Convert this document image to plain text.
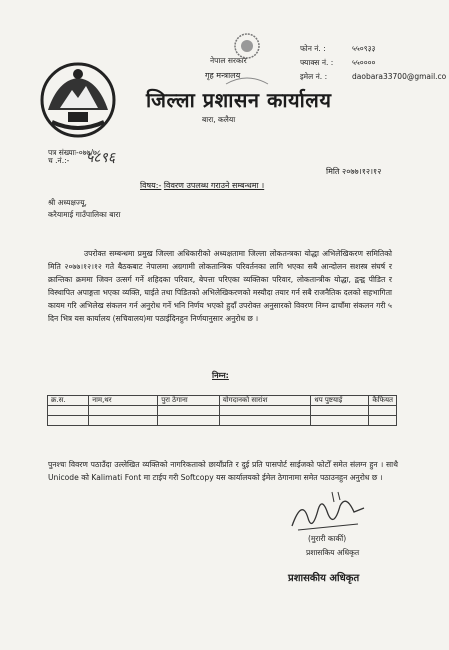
नेपाल सरकार
गृह मन्त्रालय
जिल्ला प्रशासन कार्यालय
बारा, कलैया
फोन नं. :	५५०९३३
फ्याक्स नं. :	५५००००
इमेल नं. :	daobara33700@gmail.co
पत्र संख्याः-०७७/७८
च .नं.:- ५८९६
मिति २०७७।१२।१२
विषय:- विवरण उपलब्ध गराउने सम्बन्धमा ।
श्री अध्यक्षज्यू,
करैयामाई गाउँपालिका बारा
उपरोक्त सम्बन्धमा प्रमुख जिल्ला अधिकारीको अध्यक्षतामा जिल्ला लोकतन्त्रका योद्धा अभिलेखिकरण समितिको मिति २०७७।१२।१२ गते बैठकबाट नेपालमा अग्रगामी लोकतान्त्रिक परिवर्तनका लागि भएका सबै आन्दोलन सशस्त्र संघर्ष र क्रान्तिका क्रममा जिवन उत्सर्ग गर्ने शहिदका परिवार, बेपत्ता परिएका व्यक्तिका परिवार, लोकतान्त्रीक योद्धा, द्वन्द्व पीडित र विस्थापित अपाङ्गता भएका व्यक्ति, घाईते तथा पिडितको अभिलेखिकरणको मस्यौदा तयार गर्न सबै राजनैतिक दलको सहभागिता कायम गरि अभिलेख संकलन गर्न अनुरोध गर्ने भनि निर्णय भएको हुदाँ उपरोक्त अनुसारको विवरण निम्न ढाचाँमा संकलन गरी ५ दिन भित्र यस कार्यालय (सचिवालय)मा पठाईदिनहुन निर्णयानुसार अनुरोध छ ।
निम्न:
क्र.स.	नाम,थर	पुरा ठेगाना	योगदानको सारांश	धप पुष्टयाई	कैफियत

पुनश्चः विवरण पठाउँदा उल्लेखित व्यक्तिको नागरिकताको छायाँप्रति र दुई प्रति पासपोर्ट साईजको फोटोँ समेत संलग्न हुन । साथै Unicode को Kalimati Font मा टाईप गरी Softcopy यस कार्यालयको ईमेल ठेगानामा समेत पठाउनहुन अनुरोध छ ।
(मुरारी कार्की)
प्रशासकिय अधिकृत
प्रशासकीय अधिकृत
